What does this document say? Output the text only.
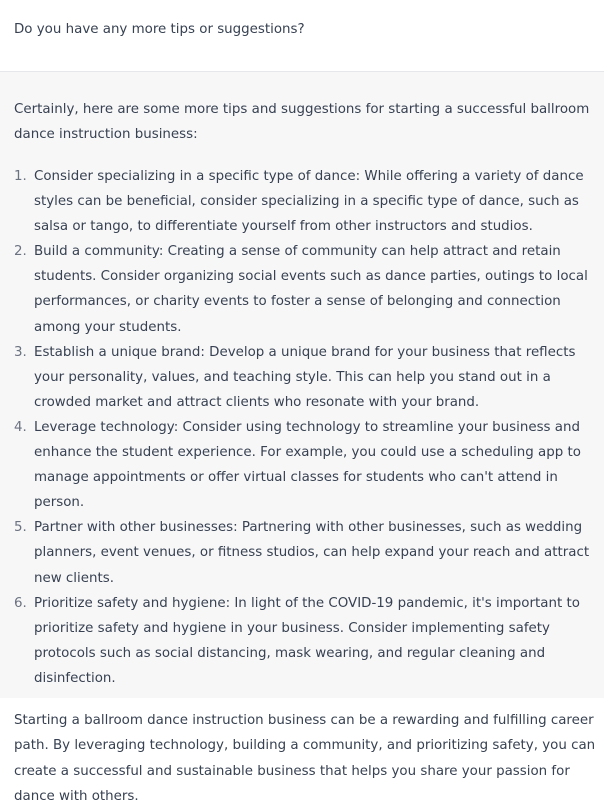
Do you have any more tips or suggestions?

Certainly, here are some more tips and suggestions for starting a successful ballroom dance instruction business:

1. Consider specializing in a specific type of dance: While offering a variety of dance styles can be beneficial, consider specializing in a specific type of dance, such as salsa or tango, to differentiate yourself from other instructors and studios.
2. Build a community: Creating a sense of community can help attract and retain students. Consider organizing social events such as dance parties, outings to local performances, or charity events to foster a sense of belonging and connection among your students.
3. Establish a unique brand: Develop a unique brand for your business that reflects your personality, values, and teaching style. This can help you stand out in a crowded market and attract clients who resonate with your brand.
4. Leverage technology: Consider using technology to streamline your business and enhance the student experience. For example, you could use a scheduling app to manage appointments or offer virtual classes for students who can't attend in person.
5. Partner with other businesses: Partnering with other businesses, such as wedding planners, event venues, or fitness studios, can help expand your reach and attract new clients.
6. Prioritize safety and hygiene: In light of the COVID-19 pandemic, it's important to prioritize safety and hygiene in your business. Consider implementing safety protocols such as social distancing, mask wearing, and regular cleaning and disinfection.

Starting a ballroom dance instruction business can be a rewarding and fulfilling career path. By leveraging technology, building a community, and prioritizing safety, you can create a successful and sustainable business that helps you share your passion for dance with others.
